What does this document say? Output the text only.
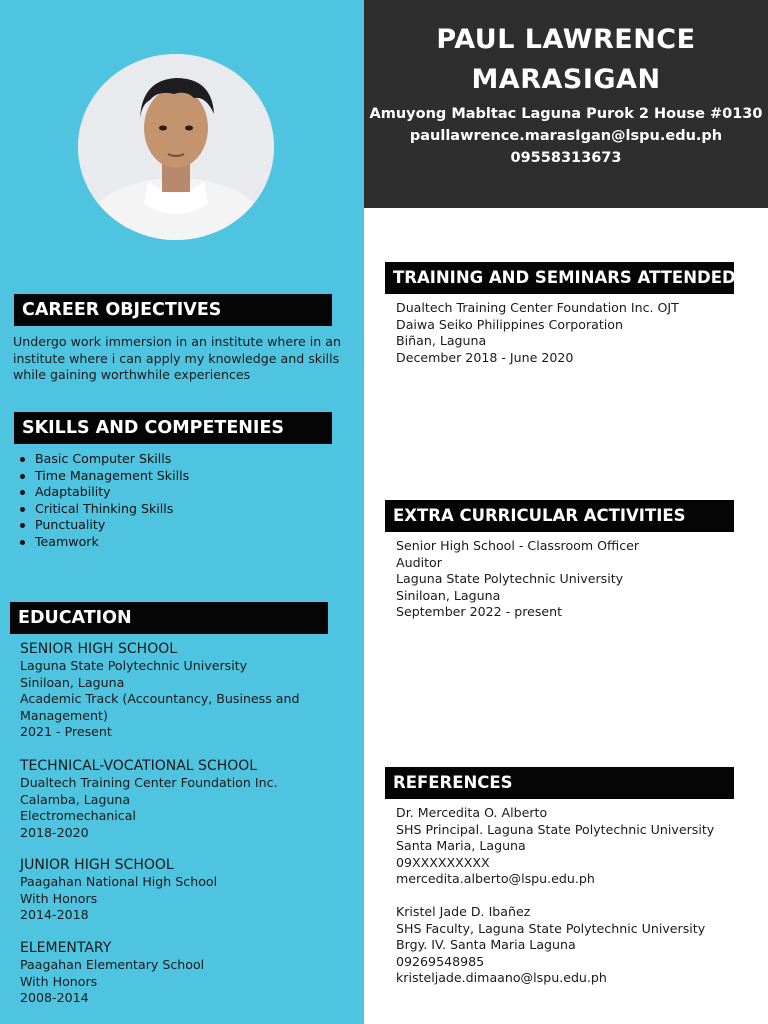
PAUL LAWRENCE MARASIGAN
Amuyong Mabltac Laguna Purok 2 House #0130
paullawrence.marasIgan@lspu.edu.ph
09558313673
CAREER OBJECTIVES
Undergo work immersion in an institute where in an
institute where i can apply my knowledge and skills
while gaining worthwhile experiences
SKILLS AND COMPETENIES
Basic Computer Skills
Time Management Skills
Adaptability
Critical Thinking Skills
Punctuality
Teamwork
EDUCATION
SENIOR HIGH SCHOOL
Laguna State Polytechnic University
Siniloan, Laguna
Academic Track (Accountancy, Business and
Management)
2021 - Present
TECHNICAL-VOCATIONAL SCHOOL
Dualtech Training Center Foundation Inc.
Calamba, Laguna
Electromechanical
2018-2020
JUNIOR HIGH SCHOOL
Paagahan National High School
With Honors
2014-2018
ELEMENTARY
Paagahan Elementary School
With Honors
2008-2014
TRAINING AND SEMINARS ATTENDED
Dualtech Training Center Foundation Inc. OJT
Daiwa Seiko Philippines Corporation
Biñan, Laguna
December 2018 - June 2020
EXTRA CURRICULAR ACTIVITIES
Senior High School - Classroom Officer
Auditor
Laguna State Polytechnic University
Siniloan, Laguna
September 2022 - present
REFERENCES
Dr. Mercedita O. Alberto
SHS Principal. Laguna State Polytechnic University
Santa Maria, Laguna
09XXXXXXXXX
mercedita.alberto@lspu.edu.ph
Kristel Jade D. Ibañez
SHS Faculty, Laguna State Polytechnic University
Brgy. IV. Santa Maria Laguna
09269548985
kristeljade.dimaano@lspu.edu.ph
